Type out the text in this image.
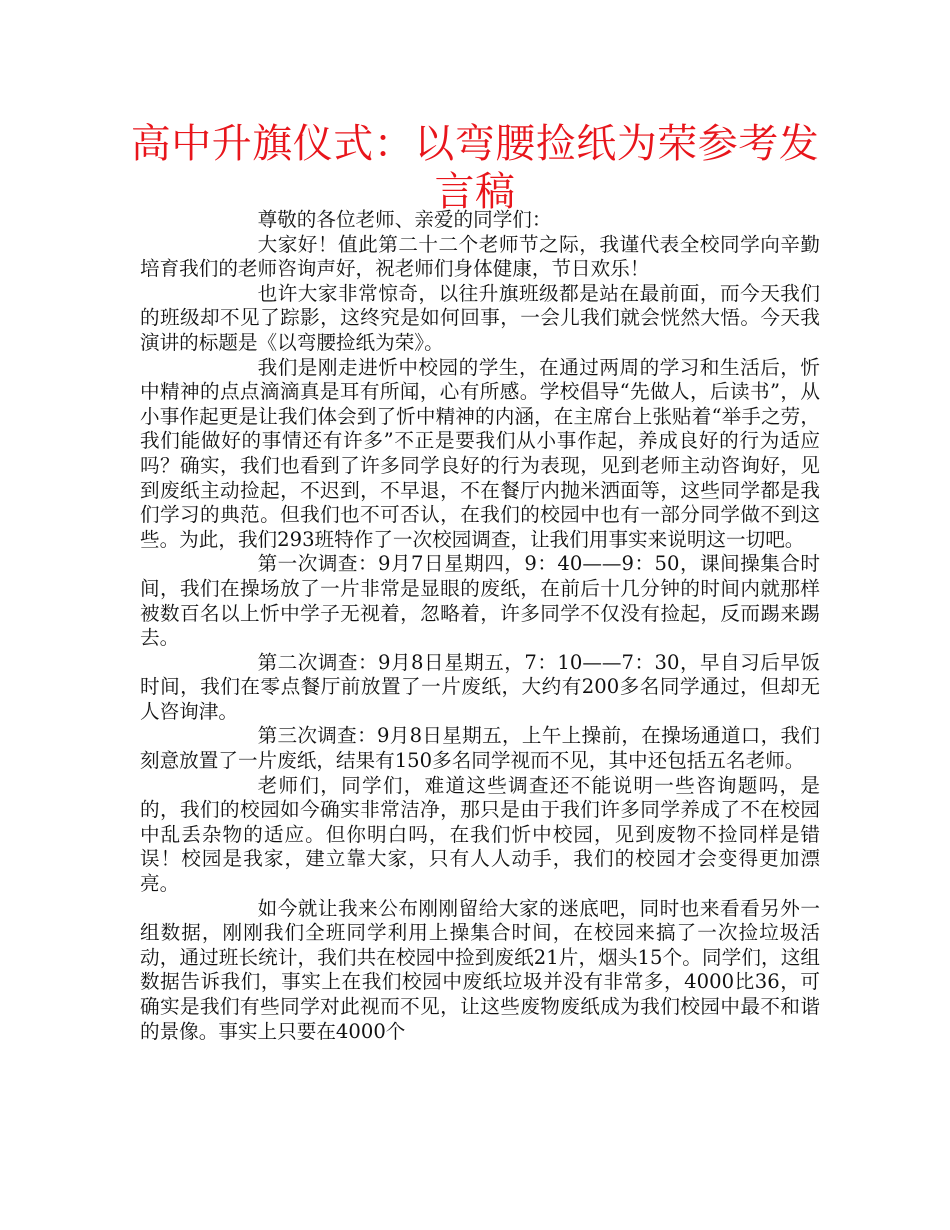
高中升旗仪式：以弯腰捡纸为荣参考发言稿

尊敬的各位老师、亲爱的同学们：

大家好！值此第二十二个老师节之际，我谨代表全校同学向辛勤培育我们的老师咨询声好，祝老师们身体健康，节日欢乐！

也许大家非常惊奇，以往升旗班级都是站在最前面，而今天我们的班级却不见了踪影，这终究是如何回事，一会儿我们就会恍然大悟。今天我演讲的标题是《以弯腰捡纸为荣》。

我们是刚走进忻中校园的学生，在通过两周的学习和生活后，忻中精神的点点滴滴真是耳有所闻，心有所感。学校倡导“先做人，后读书”，从小事作起更是让我们体会到了忻中精神的内涵，在主席台上张贴着“举手之劳，我们能做好的事情还有许多”不正是要我们从小事作起，养成良好的行为适应吗？确实，我们也看到了许多同学良好的行为表现，见到老师主动咨询好，见到废纸主动捡起，不迟到，不早退，不在餐厅内抛米洒面等，这些同学都是我们学习的典范。但我们也不可否认，在我们的校园中也有一部分同学做不到这些。为此，我们293班特作了一次校园调查，让我们用事实来说明这一切吧。

第一次调查：9月7日星期四，9：40——9：50，课间操集合时间，我们在操场放了一片非常是显眼的废纸，在前后十几分钟的时间内就那样被数百名以上忻中学子无视着，忽略着，许多同学不仅没有捡起，反而踢来踢去。

第二次调查：9月8日星期五，7：10——7：30，早自习后早饭时间，我们在零点餐厅前放置了一片废纸，大约有200多名同学通过，但却无人咨询津。

第三次调查：9月8日星期五，上午上操前，在操场通道口，我们刻意放置了一片废纸，结果有150多名同学视而不见，其中还包括五名老师。

老师们，同学们，难道这些调查还不能说明一些咨询题吗，是的，我们的校园如今确实非常洁净，那只是由于我们许多同学养成了不在校园中乱丢杂物的适应。但你明白吗，在我们忻中校园，见到废物不捡同样是错误！校园是我家，建立靠大家，只有人人动手，我们的校园才会变得更加漂亮。

如今就让我来公布刚刚留给大家的迷底吧，同时也来看看另外一组数据，刚刚我们全班同学利用上操集合时间，在校园来搞了一次捡垃圾活动，通过班长统计，我们共在校园中捡到废纸21片，烟头15个。同学们，这组数据告诉我们，事实上在我们校园中废纸垃圾并没有非常多，4000比36，可确实是我们有些同学对此视而不见，让这些废物废纸成为我们校园中最不和谐的景像。事实上只要在4000个
